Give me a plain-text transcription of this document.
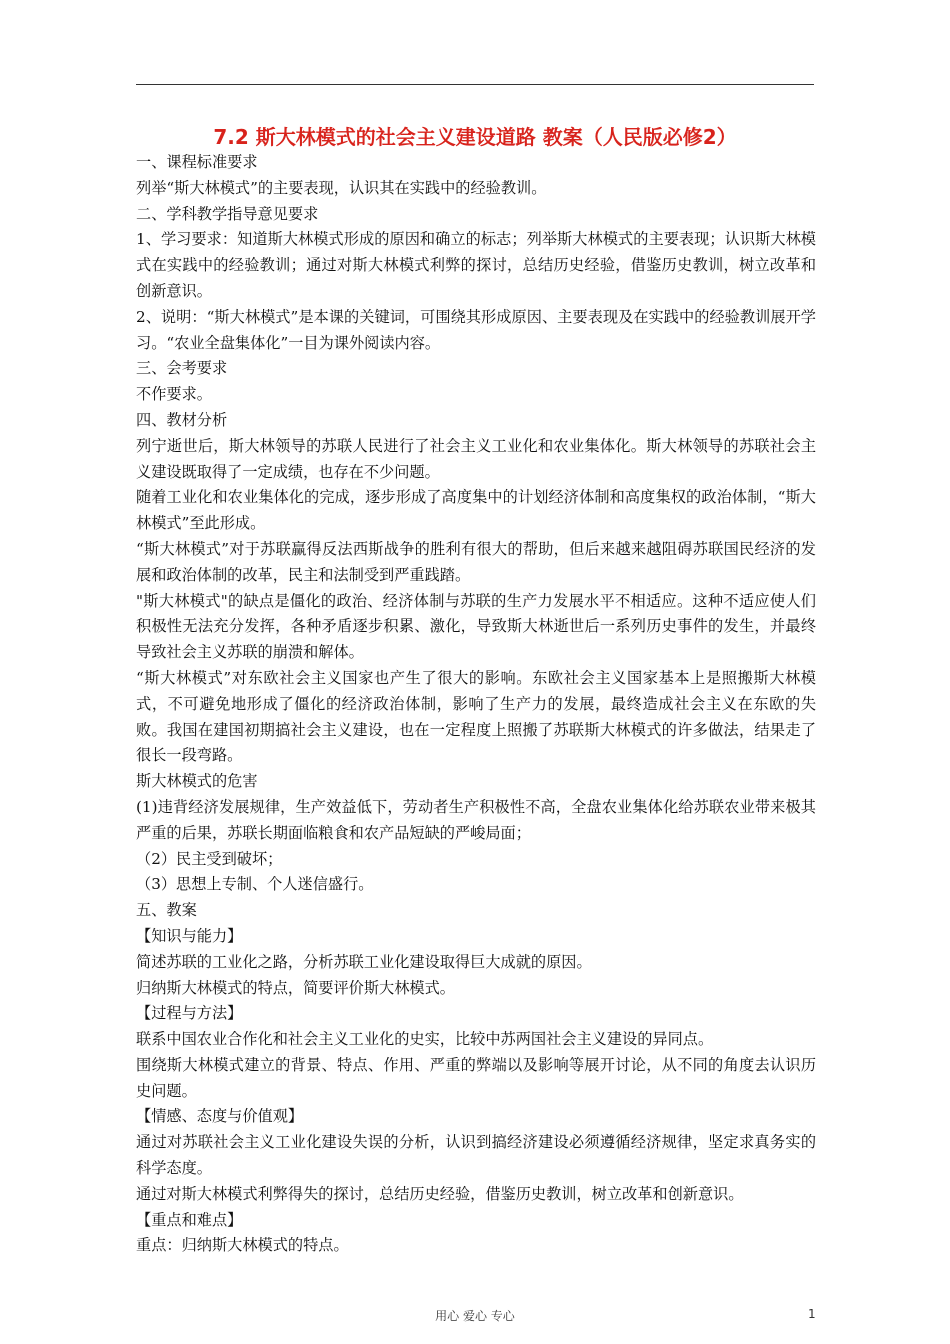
7.2 斯大林模式的社会主义建设道路 教案（人民版必修2）

一、课程标准要求

列举“斯大林模式”的主要表现，认识其在实践中的经验教训。

二、学科教学指导意见要求

1、学习要求：知道斯大林模式形成的原因和确立的标志；列举斯大林模式的主要表现；认识斯大林模式在实践中的经验教训；通过对斯大林模式利弊的探讨，总结历史经验，借鉴历史教训，树立改革和创新意识。

2、说明：“斯大林模式”是本课的关键词，可围绕其形成原因、主要表现及在实践中的经验教训展开学习。“农业全盘集体化”一目为课外阅读内容。

三、会考要求

不作要求。

四、教材分析

列宁逝世后，斯大林领导的苏联人民进行了社会主义工业化和农业集体化。斯大林领导的苏联社会主义建设既取得了一定成绩，也存在不少问题。

随着工业化和农业集体化的完成，逐步形成了高度集中的计划经济体制和高度集权的政治体制，“斯大林模式”至此形成。

“斯大林模式”对于苏联赢得反法西斯战争的胜利有很大的帮助，但后来越来越阻碍苏联国民经济的发展和政治体制的改革，民主和法制受到严重践踏。

"斯大林模式"的缺点是僵化的政治、经济体制与苏联的生产力发展水平不相适应。这种不适应使人们积极性无法充分发挥，各种矛盾逐步积累、激化，导致斯大林逝世后一系列历史事件的发生，并最终导致社会主义苏联的崩溃和解体。

“斯大林模式”对东欧社会主义国家也产生了很大的影响。东欧社会主义国家基本上是照搬斯大林模式，不可避免地形成了僵化的经济政治体制，影响了生产力的发展，最终造成社会主义在东欧的失败。我国在建国初期搞社会主义建设，也在一定程度上照搬了苏联斯大林模式的许多做法，结果走了很长一段弯路。

斯大林模式的危害

(1)违背经济发展规律，生产效益低下，劳动者生产积极性不高，全盘农业集体化给苏联农业带来极其严重的后果，苏联长期面临粮食和农产品短缺的严峻局面；

（2）民主受到破坏；

（3）思想上专制、个人迷信盛行。

五、教案

【知识与能力】

简述苏联的工业化之路，分析苏联工业化建设取得巨大成就的原因。

归纳斯大林模式的特点，简要评价斯大林模式。

【过程与方法】

联系中国农业合作化和社会主义工业化的史实，比较中苏两国社会主义建设的异同点。

围绕斯大林模式建立的背景、特点、作用、严重的弊端以及影响等展开讨论，从不同的角度去认识历史问题。

【情感、态度与价值观】

通过对苏联社会主义工业化建设失误的分析，认识到搞经济建设必须遵循经济规律，坚定求真务实的科学态度。

通过对斯大林模式利弊得失的探讨，总结历史经验，借鉴历史教训，树立改革和创新意识。

【重点和难点】

重点：归纳斯大林模式的特点。

用心 爱心 专心	1
